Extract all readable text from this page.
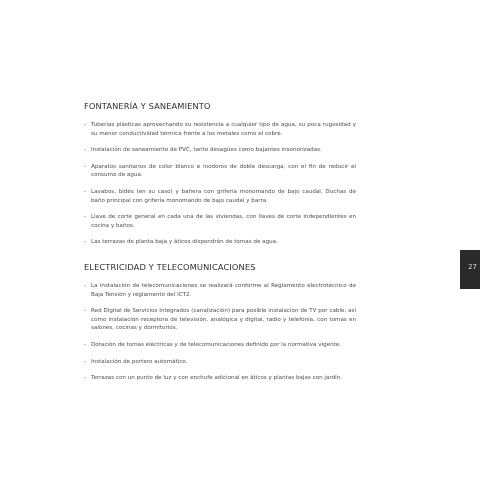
FONTANERÍA Y SANEAMIENTO
- Tuberías plásticas aprovechando su resistencia a cualquier tipo de agua, su poca rugosidad y su menor conductividad térmica frente a los metales como el cobre.
- Instalación de saneamiento de PVC, tanto desagües como bajantes insonorizadas.
- Aparatos sanitarios de color blanco e inodoros de doble descarga, con el fin de reducir el consumo de agua.
- Lavabos, bidés (en su caso) y bañera con grifería monomando de bajo caudal. Duchas de baño principal con grifería monomando de bajo caudal y barra.
- Llave de corte general en cada una de las viviendas, con llaves de corte independientes en cocina y baños.
- Las terrazas de planta baja y áticos dispondrán de tomas de agua.
ELECTRICIDAD Y TELECOMUNICACIONES
- La instalación de telecomunicaciones se realizará conforme al Reglamento electrotécnico de Baja Tensión y reglamento del ICT2.
- Red Digital de Servicios Integrados (canalización) para posible instalación de TV por cable, así como instalación receptora de televisión, analógica y digital, radio y telefonía, con tomas en salones, cocinas y dormitorios.
- Dotación de tomas eléctricas y de telecomunicaciones definido por la normativa vigente.
- Instalación de portero automático.
- Terrazas con un punto de luz y con enchufe adicional en áticos y plantas bajas con jardín.
27
